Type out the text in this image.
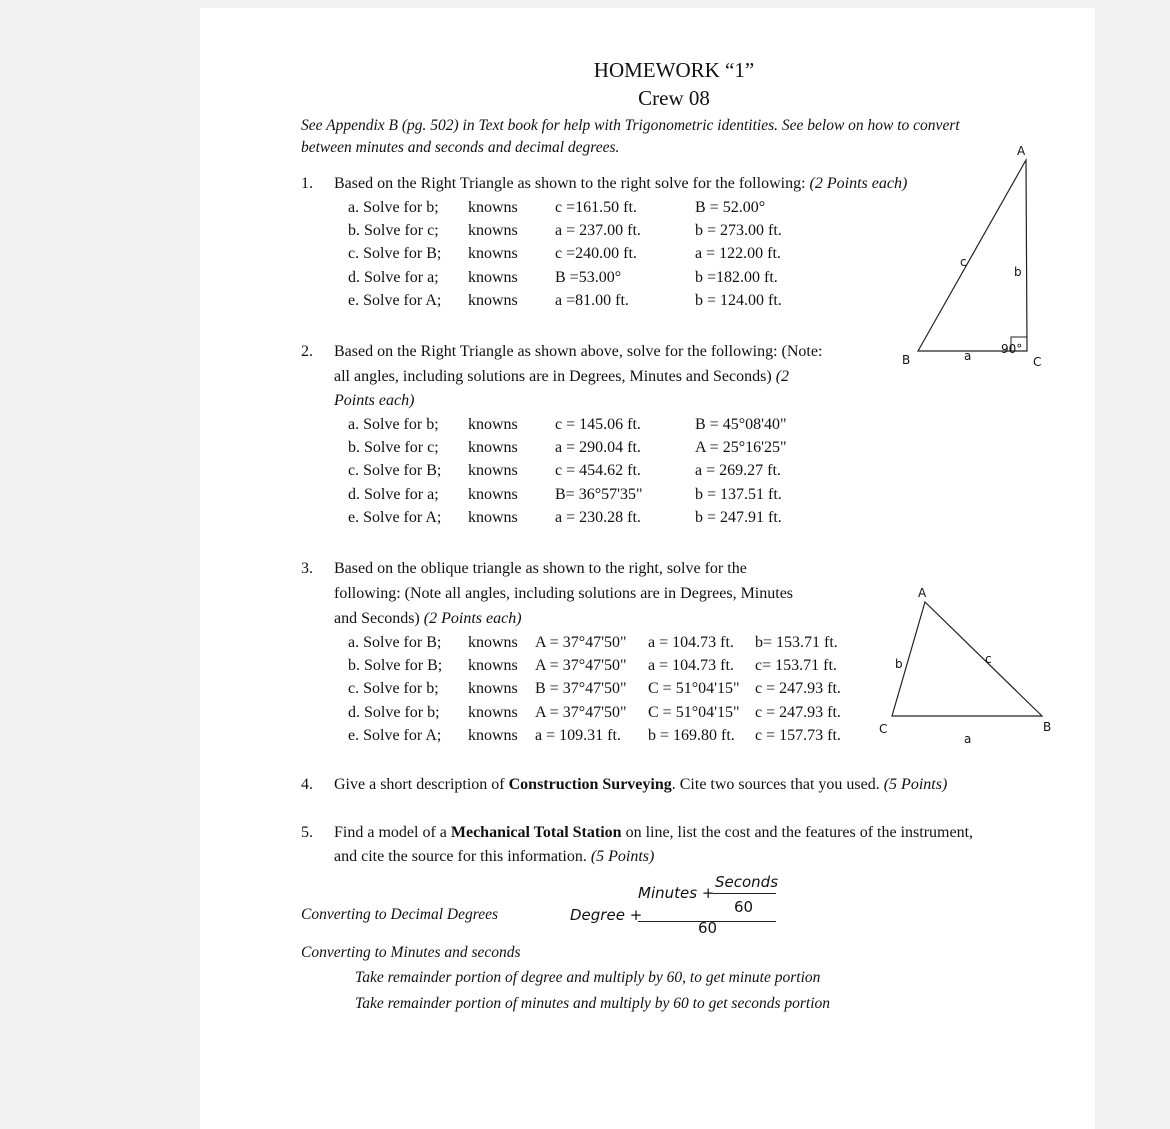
HOMEWORK “1”
Crew 08
See Appendix B (pg. 502) in Text book for help with Trigonometric identities. See below on how to convert
between minutes and seconds and decimal degrees.
1. Based on the Right Triangle as shown to the right solve for the following: (2 Points each)
a. Solve for b; knowns c =161.50 ft.	B = 52.00°
b. Solve for c; knowns a = 237.00 ft.	b = 273.00 ft.
c. Solve for B; knowns c =240.00 ft.	a = 122.00 ft.
d. Solve for a; knowns B =53.00°	b =182.00 ft.
e. Solve for A; knowns a =81.00 ft.	b = 124.00 ft.
2. Based on the Right Triangle as shown above, solve for the following: (Note:
all angles, including solutions are in Degrees, Minutes and Seconds) (2
Points each)
a. Solve for b; knowns c = 145.06 ft.	B = 45°08'40"
b. Solve for c; knowns a = 290.04 ft.	A = 25°16'25"
c. Solve for B; knowns c = 454.62 ft.	a = 269.27 ft.
d. Solve for a; knowns B= 36°57'35"	b = 137.51 ft.
e. Solve for A; knowns a = 230.28 ft.	b = 247.91 ft.
3. Based on the oblique triangle as shown to the right, solve for the
following: (Note all angles, including solutions are in Degrees, Minutes
and Seconds) (2 Points each)
a. Solve for B; knowns A = 37°47'50" a = 104.73 ft. b= 153.71 ft.
b. Solve for B; knowns A = 37°47'50" a = 104.73 ft. c= 153.71 ft.
c. Solve for b; knowns B = 37°47'50" C = 51°04'15" c = 247.93 ft.
d. Solve for b; knowns A = 37°47'50" C = 51°04'15" c = 247.93 ft.
e. Solve for A; knowns a = 109.31 ft. b = 169.80 ft. c = 157.73 ft.
4. Give a short description of Construction Surveying. Cite two sources that you used. (5 Points)
5. Find a model of a Mechanical Total Station on line, list the cost and the features of the instrument,
and cite the source for this information. (5 Points)
Converting to Decimal Degrees	Degree +
Minutes +
Seconds
60
60
Converting to Minutes and seconds
Take remainder portion of degree and multiply by 60, to get minute portion
Take remainder portion of minutes and multiply by 60 to get seconds portion
A
B	C
c
b
a 90°
A
C	B
b	c
a
